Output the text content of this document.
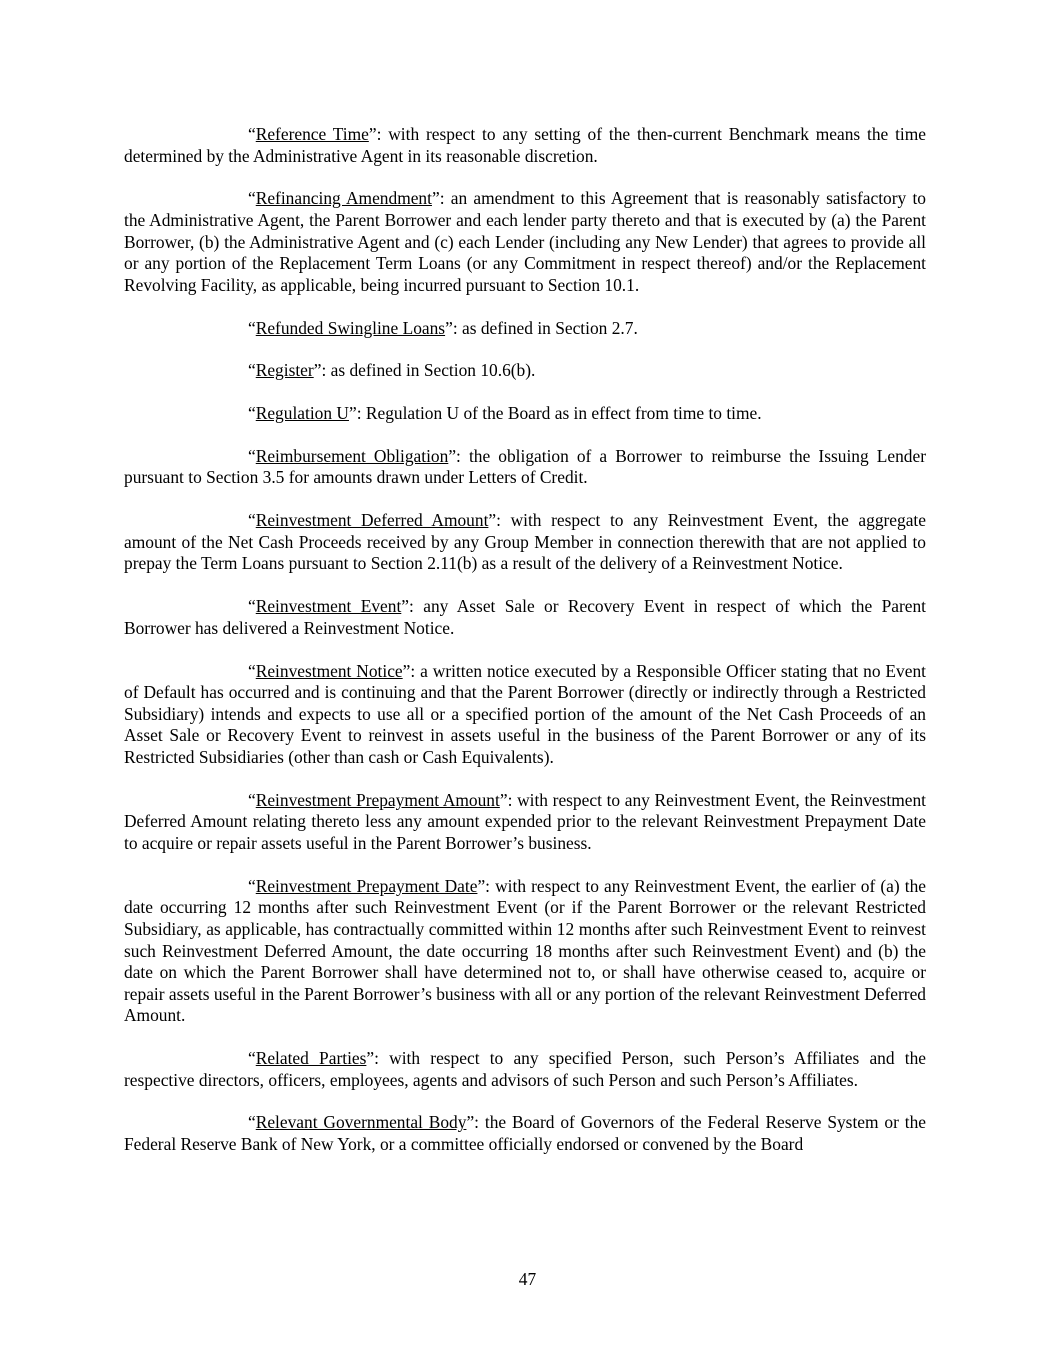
“Reference Time”: with respect to any setting of the then-current Benchmark means the time determined by the Administrative Agent in its reasonable discretion.

“Refinancing Amendment”: an amendment to this Agreement that is reasonably satisfactory to the Administrative Agent, the Parent Borrower and each lender party thereto and that is executed by (a) the Parent Borrower, (b) the Administrative Agent and (c) each Lender (including any New Lender) that agrees to provide all or any portion of the Replacement Term Loans (or any Commitment in respect thereof) and/or the Replacement Revolving Facility, as applicable, being incurred pursuant to Section 10.1.

“Refunded Swingline Loans”: as defined in Section 2.7.

“Register”: as defined in Section 10.6(b).

“Regulation U”: Regulation U of the Board as in effect from time to time.

“Reimbursement Obligation”: the obligation of a Borrower to reimburse the Issuing Lender pursuant to Section 3.5 for amounts drawn under Letters of Credit.

“Reinvestment Deferred Amount”: with respect to any Reinvestment Event, the aggregate amount of the Net Cash Proceeds received by any Group Member in connection therewith that are not applied to prepay the Term Loans pursuant to Section 2.11(b) as a result of the delivery of a Reinvestment Notice.

“Reinvestment Event”: any Asset Sale or Recovery Event in respect of which the Parent Borrower has delivered a Reinvestment Notice.

“Reinvestment Notice”: a written notice executed by a Responsible Officer stating that no Event of Default has occurred and is continuing and that the Parent Borrower (directly or indirectly through a Restricted Subsidiary) intends and expects to use all or a specified portion of the amount of the Net Cash Proceeds of an Asset Sale or Recovery Event to reinvest in assets useful in the business of the Parent Borrower or any of its Restricted Subsidiaries (other than cash or Cash Equivalents).

“Reinvestment Prepayment Amount”: with respect to any Reinvestment Event, the Reinvestment Deferred Amount relating thereto less any amount expended prior to the relevant Reinvestment Prepayment Date to acquire or repair assets useful in the Parent Borrower’s business.

“Reinvestment Prepayment Date”: with respect to any Reinvestment Event, the earlier of (a) the date occurring 12 months after such Reinvestment Event (or if the Parent Borrower or the relevant Restricted Subsidiary, as applicable, has contractually committed within 12 months after such Reinvestment Event to reinvest such Reinvestment Deferred Amount, the date occurring 18 months after such Reinvestment Event) and (b) the date on which the Parent Borrower shall have determined not to, or shall have otherwise ceased to, acquire or repair assets useful in the Parent Borrower’s business with all or any portion of the relevant Reinvestment Deferred Amount.

“Related Parties”: with respect to any specified Person, such Person’s Affiliates and the respective directors, officers, employees, agents and advisors of such Person and such Person’s Affiliates.

“Relevant Governmental Body”: the Board of Governors of the Federal Reserve System or the Federal Reserve Bank of New York, or a committee officially endorsed or convened by the Board

47
